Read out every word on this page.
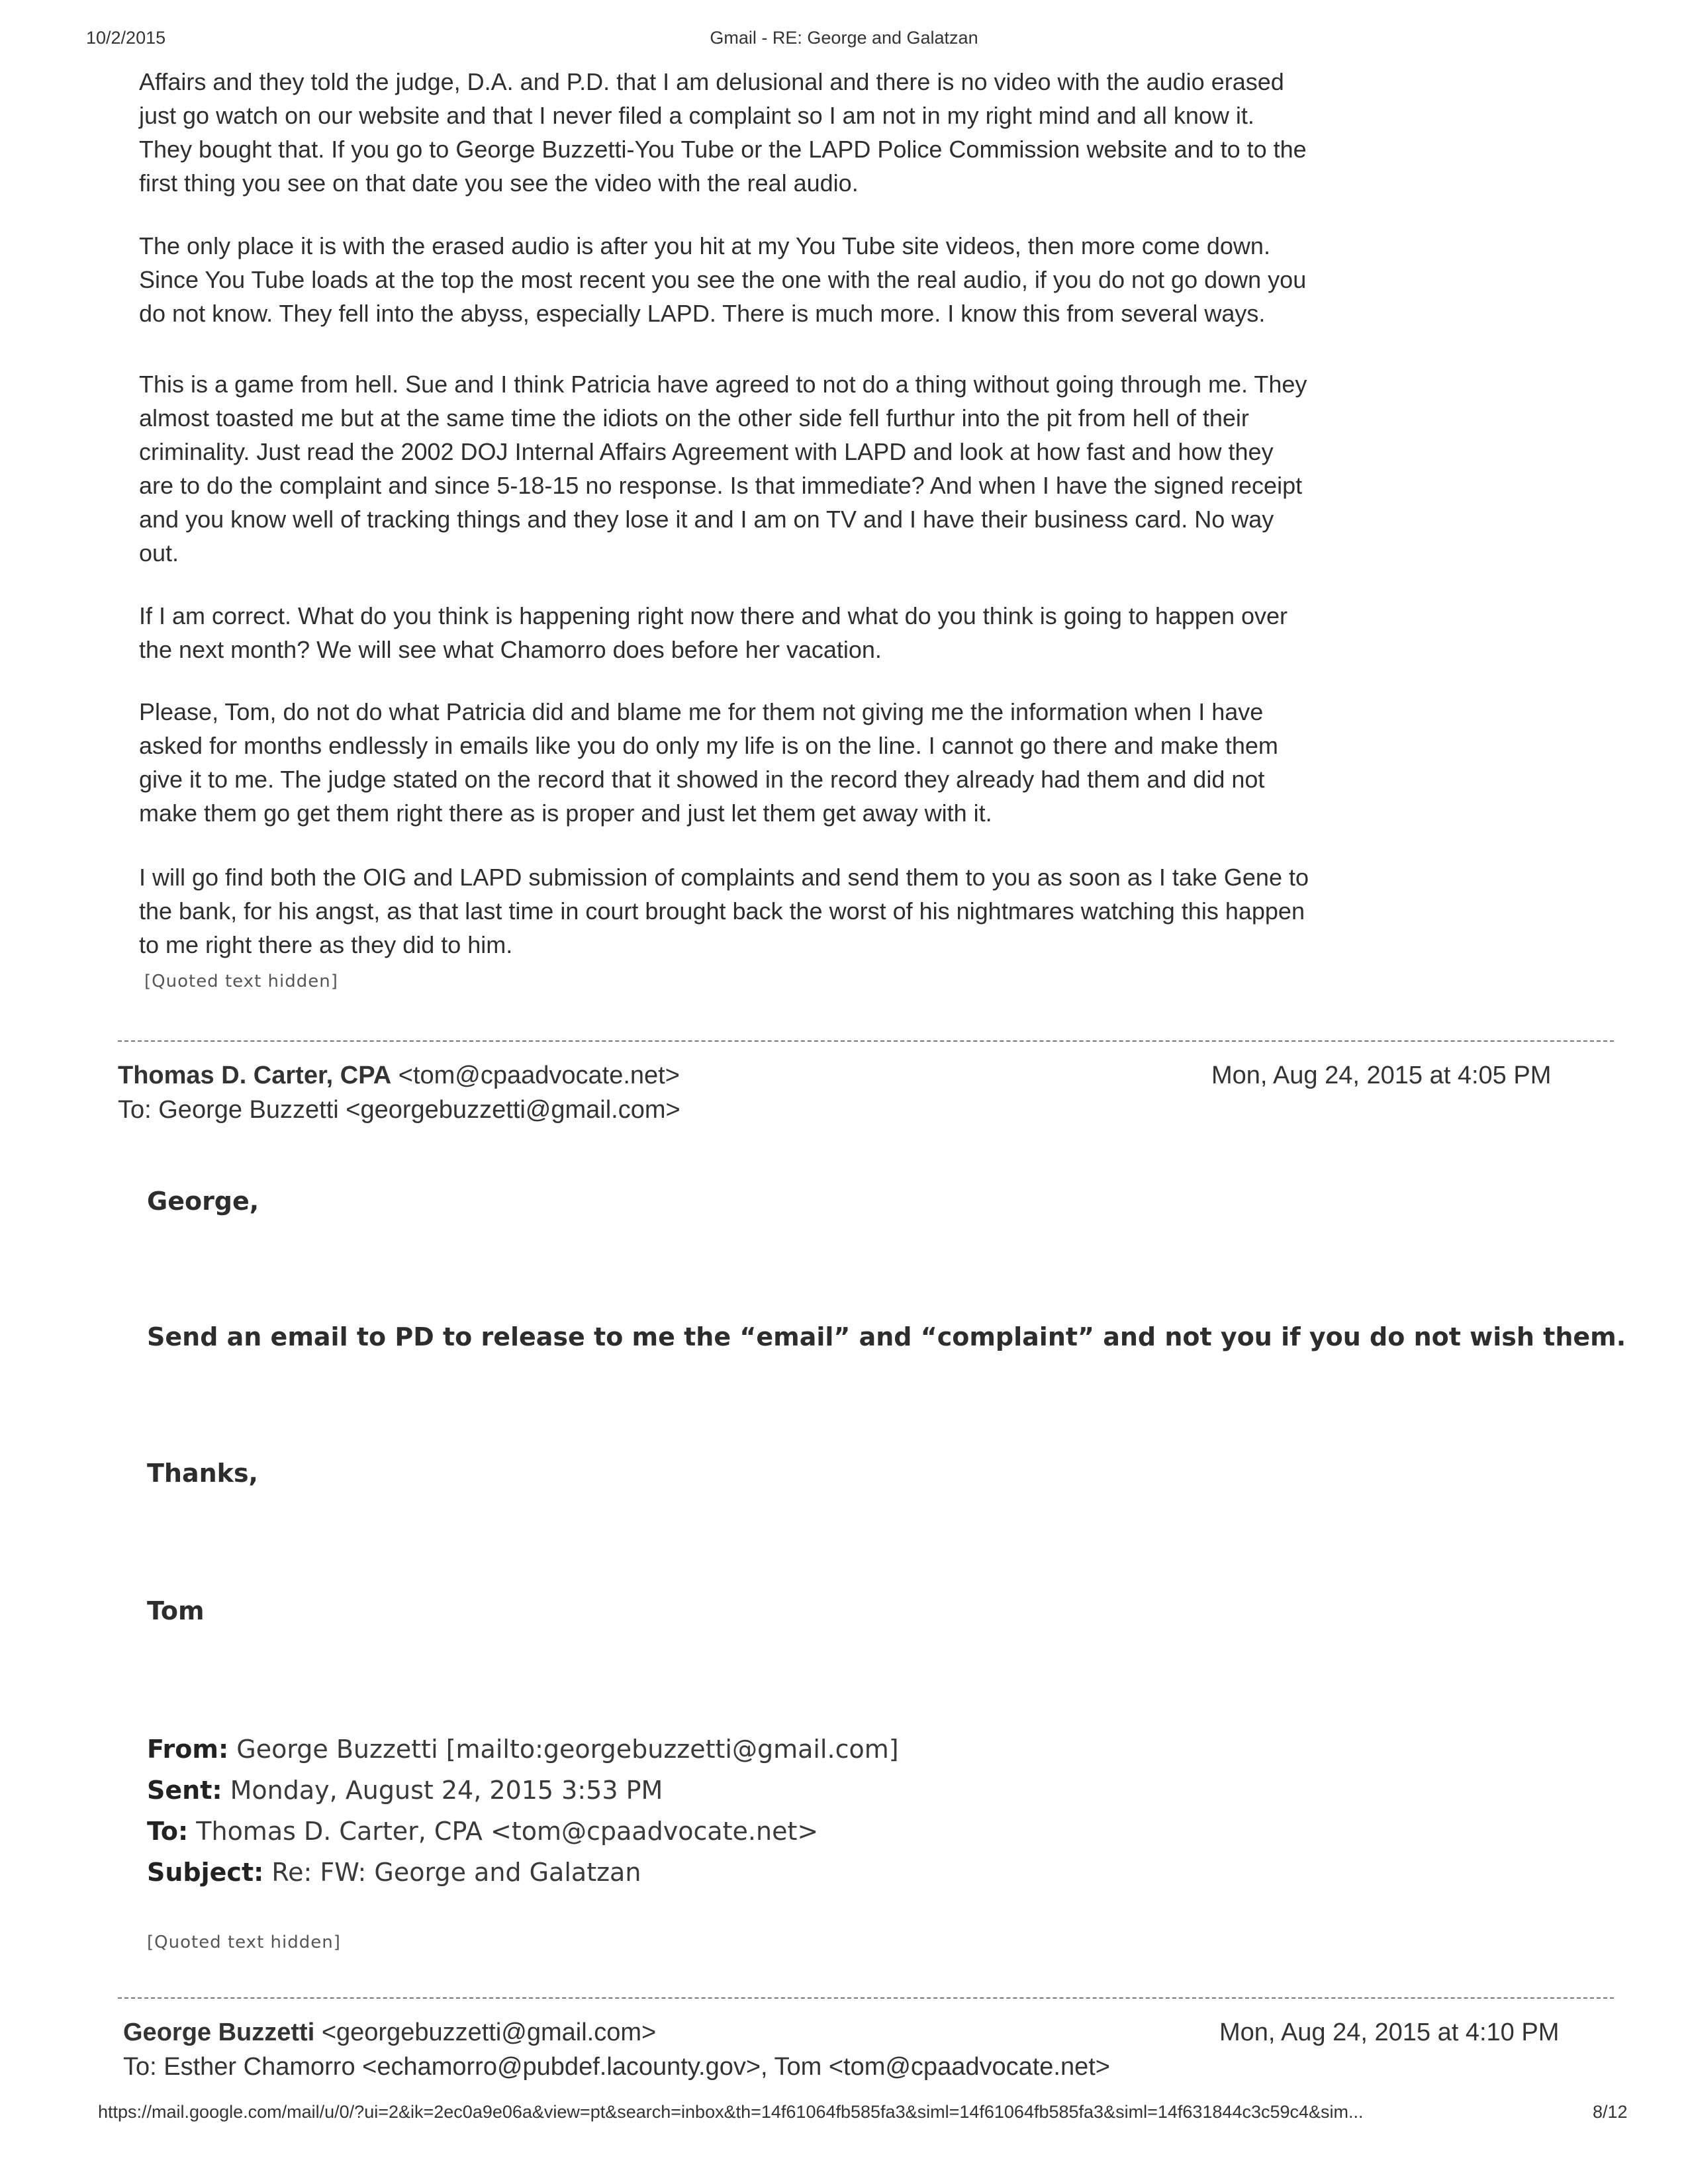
10/2/2015	Gmail - RE: George and Galatzan

Affairs and they told the judge, D.A. and P.D. that I am delusional and there is no video with the audio erased

just go watch on our website and that I never filed a complaint so I am not in my right mind and all know it.

They bought that. If you go to George Buzzetti-You Tube or the LAPD Police Commission website and to to the

first thing you see on that date you see the video with the real audio.

The only place it is with the erased audio is after you hit at my You Tube site videos, then more come down.

Since You Tube loads at the top the most recent you see the one with the real audio, if you do not go down you

do not know. They fell into the abyss, especially LAPD. There is much more. I know this from several ways.

This is a game from hell. Sue and I think Patricia have agreed to not do a thing without going through me. They

almost toasted me but at the same time the idiots on the other side fell furthur into the pit from hell of their

criminality. Just read the 2002 DOJ Internal Affairs Agreement with LAPD and look at how fast and how they

are to do the complaint and since 5-18-15 no response. Is that immediate? And when I have the signed receipt

and you know well of tracking things and they lose it and I am on TV and I have their business card. No way

out.

If I am correct. What do you think is happening right now there and what do you think is going to happen over

the next month? We will see what Chamorro does before her vacation.

Please, Tom, do not do what Patricia did and blame me for them not giving me the information when I have

asked for months endlessly in emails like you do only my life is on the line. I cannot go there and make them

give it to me. The judge stated on the record that it showed in the record they already had them and did not

make them go get them right there as is proper and just let them get away with it.

I will go find both the OIG and LAPD submission of complaints and send them to you as soon as I take Gene to

the bank, for his angst, as that last time in court brought back the worst of his nightmares watching this happen

to me right there as they did to him.

[Quoted text hidden]
Thomas D. Carter, CPA <tom@cpaadvocate.net>	Mon, Aug 24, 2015 at 4:05 PM
To: George Buzzetti <georgebuzzetti@gmail.com>
George,
Send an email to PD to release to me the “email” and “complaint” and not you if you do not wish them.
Thanks,
Tom
From: George Buzzetti [mailto:georgebuzzetti@gmail.com]
Sent: Monday, August 24, 2015 3:53 PM
To: Thomas D. Carter, CPA <tom@cpaadvocate.net>
Subject: Re: FW: George and Galatzan
[Quoted text hidden]
George Buzzetti <georgebuzzetti@gmail.com>	Mon, Aug 24, 2015 at 4:10 PM
To: Esther Chamorro <echamorro@pubdef.lacounty.gov>, Tom <tom@cpaadvocate.net>
https://mail.google.com/mail/u/0/?ui=2&ik=2ec0a9e06a&view=pt&search=inbox&th=14f61064fb585fa3&siml=14f61064fb585fa3&siml=14f631844c3c59c4&sim...	8/12
